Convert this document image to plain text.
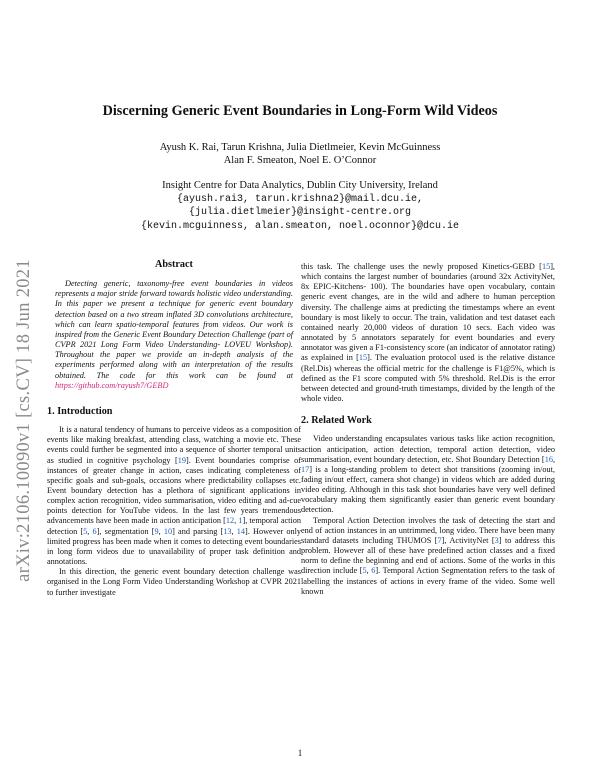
arXiv:2106.10090v1 [cs.CV] 18 Jun 2021
Discerning Generic Event Boundaries in Long-Form Wild Videos
Ayush K. Rai, Tarun Krishna, Julia Dietlmeier, Kevin McGuinness
Alan F. Smeaton, Noel E. O’Connor
Insight Centre for Data Analytics, Dublin City University, Ireland
{ayush.rai3, tarun.krishna2}@mail.dcu.ie,
{julia.dietlmeier}@insight-centre.org
{kevin.mcguinness, alan.smeaton, noel.oconnor}@dcu.ie
Abstract

Detecting generic, taxonomy-free event boundaries in videos represents a major stride forward towards holistic video understanding. In this paper we present a technique for generic event boundary detection based on a two stream inflated 3D convolutions architecture, which can learn spatio-temporal features from videos. Our work is inspired from the Generic Event Boundary Detection Challenge (part of CVPR 2021 Long Form Video Understanding- LOVEU Workshop). Throughout the paper we provide an in-depth analysis of the experiments performed along with an interpretation of the results obtained. The code for this work can be found at https://github.com/rayush7/GEBD

1. Introduction

It is a natural tendency of humans to perceive videos as a composition of events like making breakfast, attending class, watching a movie etc. These events could further be segmented into a sequence of shorter temporal units as studied in cognitive psychology [19]. Event boundaries comprise of instances of greater change in action, cases indicating completeness of specific goals and sub-goals, occasions where predictability collapses etc. Event boundary detection has a plethora of significant applications in complex action recognition, video summarisation, video editing and ad-cue points detection for YouTube videos. In the last few years tremendous advancements have been made in action anticipation [12, 1], temporal action detection [5, 6], segmentation [9, 10] and parsing [13, 14]. However only limited progress has been made when it comes to detecting event boundaries in long form videos due to unavailability of proper task definition and annotations.

In this direction, the generic event boundary detection challenge was organised in the Long Form Video Understanding Workshop at CVPR 2021 to further investigate

this task. The challenge uses the newly proposed Kinetics-GEBD [15], which contains the largest number of boundaries (around 32x ActivityNet, 8x EPIC-Kitchens- 100). The boundaries have open vocabulary, contain generic event changes, are in the wild and adhere to human perception diversity. The challenge aims at predicting the timestamps where an event boundary is most likely to occur. The train, validation and test dataset each contained nearly 20,000 videos of duration 10 secs. Each video was annotated by 5 annotators separately for event boundaries and every annotator was given a F1-consistency score (an indicator of annotator rating) as explained in [15]. The evaluation protocol used is the relative distance (Rel.Dis) whereas the official metric for the challenge is F1@5%, which is defined as the F1 score computed with 5% threshold. Rel.Dis is the error between detected and ground-truth timestamps, divided by the length of the whole video.

2. Related Work

Video understanding encapsulates various tasks like action recognition, action anticipation, action detection, temporal action detection, video summarisation, event boundary detection, etc. Shot Boundary Detection [16, 17] is a long-standing problem to detect shot transitions (zooming in/out, fading in/out effect, camera shot change) in videos which are added during video editing. Although in this task shot boundaries have very well defined vocabulary making them significantly easier than generic event boundary detection.

Temporal Action Detection involves the task of detecting the start and end of action instances in an untrimmed, long video. There have been many standard datasets including THUMOS [7], ActivityNet [3] to address this problem. However all of these have predefined action classes and a fixed norm to define the beginning and end of actions. Some of the works in this direction include [5, 6]. Temporal Action Segmentation refers to the task of labelling the instances of actions in every frame of the video. Some well known

1
